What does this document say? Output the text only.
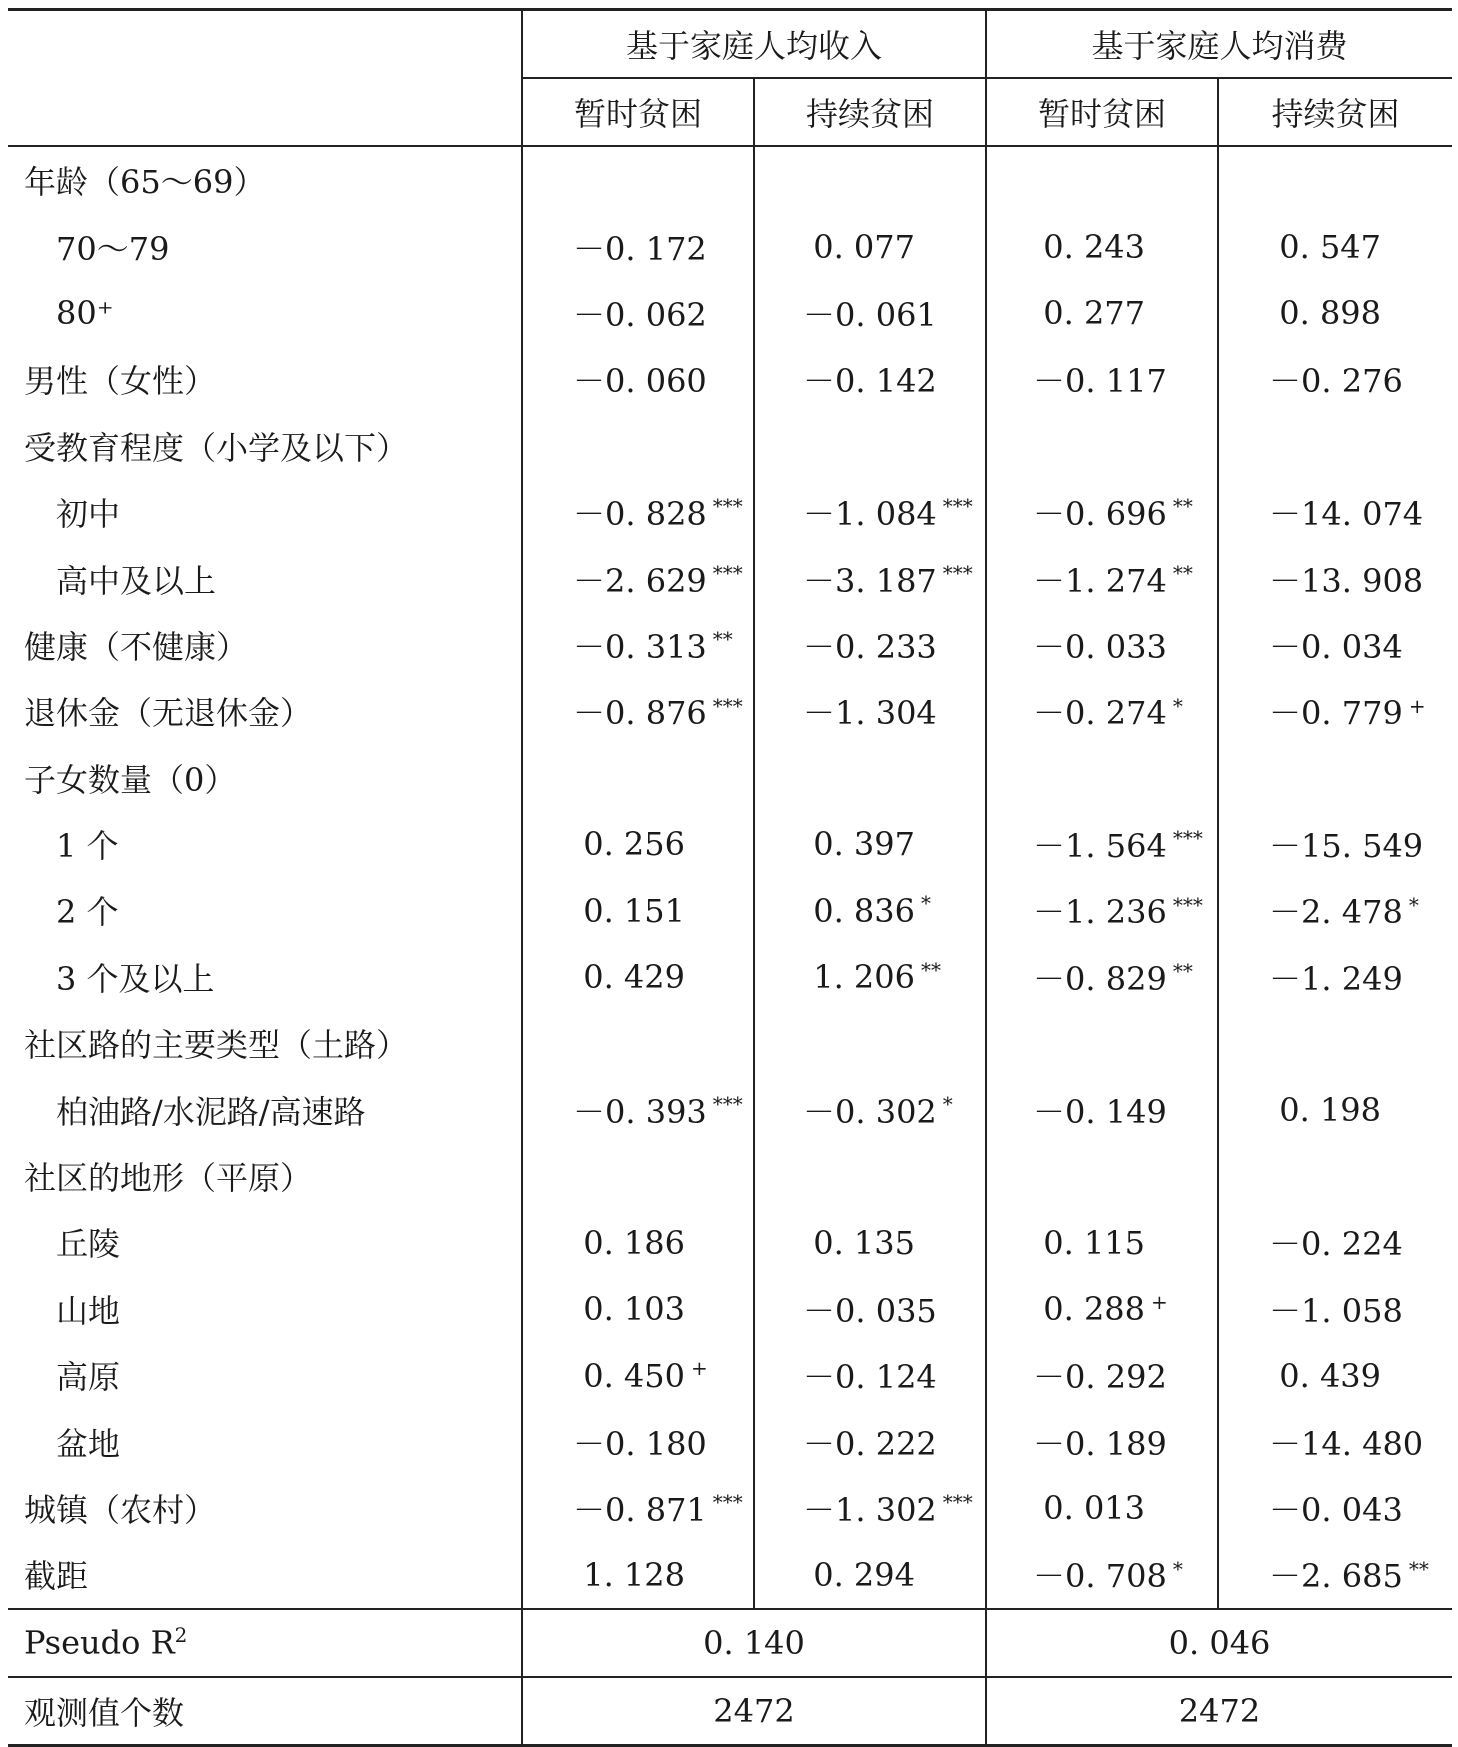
	基于家庭人均收入		基于家庭人均消费	
	暂时贫困	持续贫困	暂时贫困	持续贫困
年龄（65～69）				
70～79	－0. 172	0. 077	0. 243	0. 547
80⁺	－0. 062	－0. 061	0. 277	0. 898
男性（女性）	－0. 060	－0. 142	－0. 117	－0. 276
受教育程度（小学及以下）				
初中	－0. 828 ***	－1. 084 ***	－0. 696 **	－14. 074
高中及以上	－2. 629 ***	－3. 187 ***	－1. 274 **	－13. 908
健康（不健康）	－0. 313 **	－0. 233	－0. 033	－0. 034
退休金（无退休金）	－0. 876 ***	－1. 304	－0. 274 *	－0. 779 +
子女数量（0）				
1 个	0. 256	0. 397	－1. 564 ***	－15. 549
2 个	0. 151	0. 836 *	－1. 236 ***	－2. 478 *
3 个及以上	0. 429	1. 206 **	－0. 829 **	－1. 249
社区路的主要类型（土路）				
柏油路/水泥路/高速路	－0. 393 ***	－0. 302 *	－0. 149	0. 198
社区的地形（平原）				
丘陵	0. 186	0. 135	0. 115	－0. 224
山地	0. 103	－0. 035	0. 288 +	－1. 058
高原	0. 450 +	－0. 124	－0. 292	0. 439
盆地	－0. 180	－0. 222	－0. 189	－14. 480
城镇（农村）	－0. 871 ***	－1. 302 ***	0. 013	－0. 043
截距	1. 128	0. 294	－0. 708 *	－2. 685 **
Pseudo $R^2$	0. 140		0. 046	
观测值个数	2472		2472	
